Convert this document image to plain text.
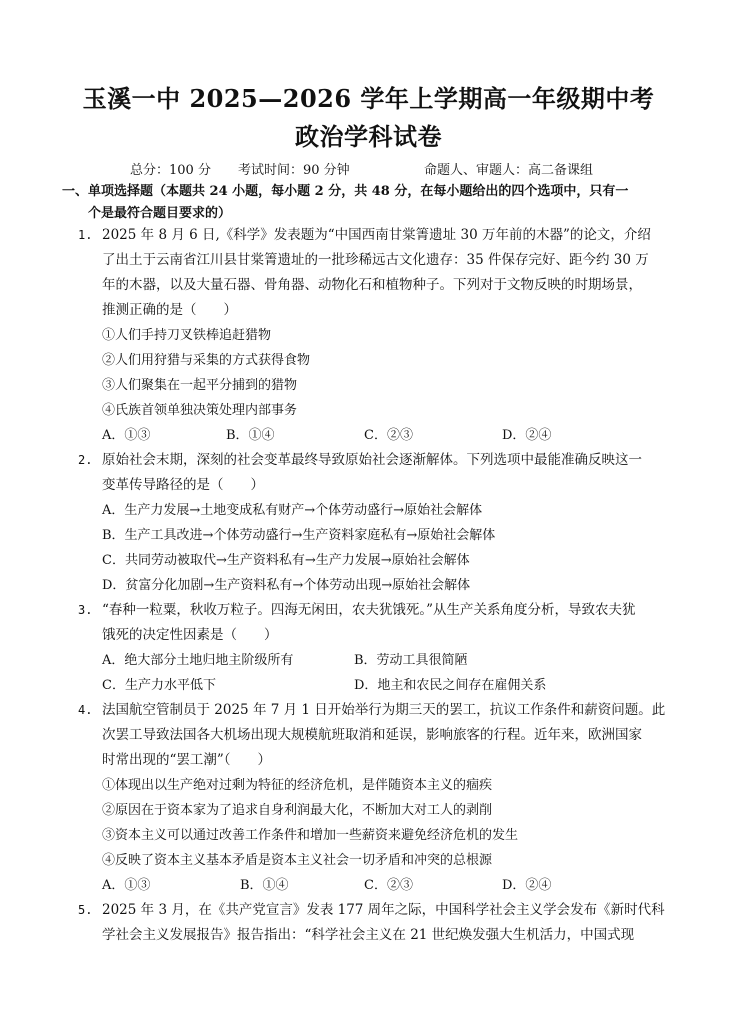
玉溪一中 2025—2026 学年上学期高一年级期中考
政治学科试卷
总分：100 分 考试时间：90 分钟	命题人、审题人：高二备课组
一、单项选择题（本题共 24 小题，每小题 2 分，共 48 分，在每小题给出的四个选项中，只有一
个是最符合题目要求的）
1. 2025 年 8 月 6 日,《科学》发表题为“中国西南甘棠箐遗址 30 万年前的木器”的论文，介绍
了出土于云南省江川县甘棠箐遗址的一批珍稀远古文化遗存：35 件保存完好、距今约 30 万
年的木器，以及大量石器、骨角器、动物化石和植物种子。下列对于文物反映的时期场景，
推测正确的是（　　）
①人们手持刀叉铁棒追赶猎物
②人们用狩猎与采集的方式获得食物
③人们聚集在一起平分捕到的猎物
④氏族首领单独决策处理内部事务
A．①③	B．①④	C．②③	D．②④
2. 原始社会末期，深刻的社会变革最终导致原始社会逐渐解体。下列选项中最能准确反映这一
变革传导路径的是（　　）
A．生产力发展→土地变成私有财产→个体劳动盛行→原始社会解体
B．生产工具改进→个体劳动盛行→生产资料家庭私有→原始社会解体
C．共同劳动被取代→生产资料私有→生产力发展→原始社会解体
D．贫富分化加剧→生产资料私有→个体劳动出现→原始社会解体
3. “春种一粒粟，秋收万粒子。四海无闲田，农夫犹饿死。”从生产关系角度分析，导致农夫犹
饿死的决定性因素是（　　）
A．绝大部分土地归地主阶级所有	B．劳动工具很简陋
C．生产力水平低下	D．地主和农民之间存在雇佣关系
4. 法国航空管制员于 2025 年 7 月 1 日开始举行为期三天的罢工，抗议工作条件和薪资问题。此
次罢工导致法国各大机场出现大规模航班取消和延误，影响旅客的行程。近年来，欧洲国家
时常出现的“罢工潮”（　　）
①体现出以生产绝对过剩为特征的经济危机，是伴随资本主义的痼疾
②原因在于资本家为了追求自身利润最大化，不断加大对工人的剥削
③资本主义可以通过改善工作条件和增加一些薪资来避免经济危机的发生
④反映了资本主义基本矛盾是资本主义社会一切矛盾和冲突的总根源
A．①③	B．①④	C．②③	D．②④
5. 2025 年 3 月，在《共产党宣言》发表 177 周年之际，中国科学社会主义学会发布《新时代科
学社会主义发展报告》报告指出：“科学社会主义在 21 世纪焕发强大生机活力，中国式现
